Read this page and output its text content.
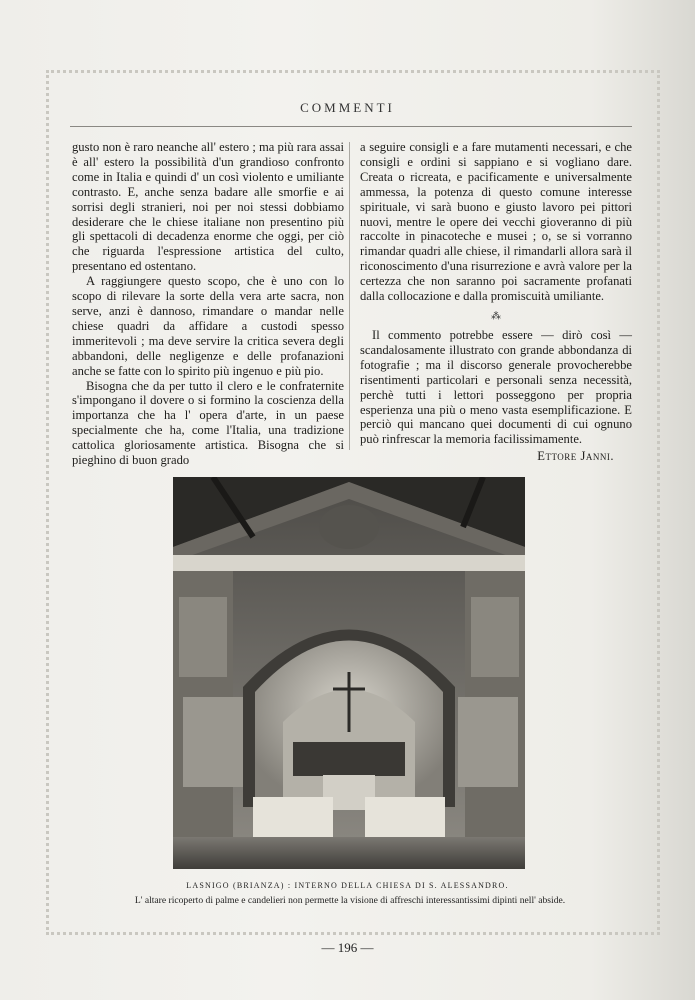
COMMENTI

gusto non è raro neanche all' estero ; ma più rara assai è all' estero la possibilità d'un grandioso confronto come in Italia e quindi d' un così violento e umiliante contrasto. E, anche senza badare alle smorfie e ai sorrisi degli stranieri, noi per noi stessi dobbiamo desiderare che le chiese italiane non presentino più gli spettacoli di decadenza enorme che oggi, per ciò che riguarda l'espressione artistica del culto, presentano ed ostentano.

A raggiungere questo scopo, che è uno con lo scopo di rilevare la sorte della vera arte sacra, non serve, anzi è dannoso, rimandare o mandar nelle chiese quadri da affidare a custodi spesso immeritevoli ; ma deve servire la critica severa degli abbandoni, delle negligenze e delle profanazioni anche se fatte con lo spirito più ingenuo e più pio.

Bisogna che da per tutto il clero e le confraternite s'impongano il dovere o si formino la coscienza della importanza che ha l' opera d'arte, in un paese specialmente che ha, come l'Italia, una tradizione cattolica gloriosamente artistica. Bisogna che si pieghino di buon grado

a seguire consigli e a fare mutamenti necessari, e che consigli e ordini si sappiano e si vogliano dare. Creata o ricreata, e pacificamente e universalmente ammessa, la potenza di questo comune interesse spirituale, vi sarà buono e giusto lavoro pei pittori nuovi, mentre le opere dei vecchi gioveranno di più raccolte in pinacoteche e musei ; o, se si vorranno rimandar quadri alle chiese, il rimandarli allora sarà il riconoscimento d'una risurrezione e avrà valore per la certezza che non saranno poi sacramente profanati dalla collocazione e dalla promiscuità umiliante.

⁂

Il commento potrebbe essere — dirò così — scandalosamente illustrato con grande abbondanza di fotografie ; ma il discorso generale provocherebbe risentimenti particolari e personali senza necessità, perchè tutti i lettori posseggono per propria esperienza una più o meno vasta esemplificazione. E perciò qui mancano quei documenti di cui ognuno può rinfrescar la memoria facilissimamente.

Ettore Janni.
LASNIGO (BRIANZA) : INTERNO DELLA CHIESA DI S. ALESSANDRO.
L' altare ricoperto di palme e candelieri non permette la visione di affreschi interessantissimi dipinti nell' abside.
— 196 —
